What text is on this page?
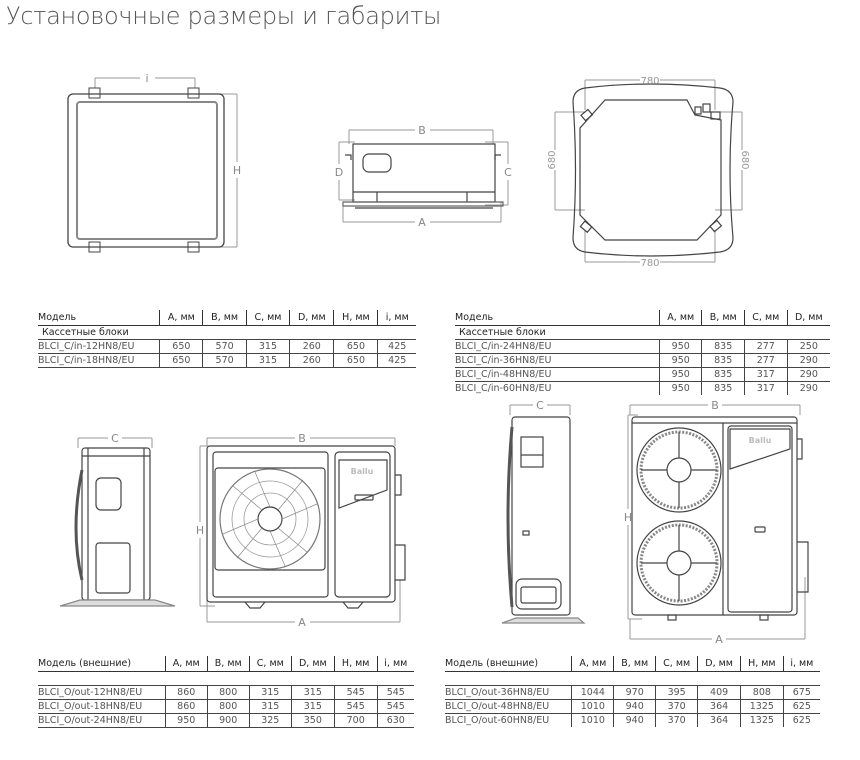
Установочные размеры и габариты
i
H
B
A
D	C
780
780
680	680
Модель	A, мм	B, мм	C, мм	D, мм	H, мм	i, мм
Кассетные блоки						
BLCI_C/in-12HN8/EU	650	570	315	260	650	425
BLCI_C/in-18HN8/EU	650	570	315	260	650	425
Модель	A, мм	B, мм	C, мм	D, мм
Кассетные блоки				
BLCI_C/in-24HN8/EU	950	835	277	250
BLCI_C/in-36HN8/EU	950	835	277	290
BLCI_C/in-48HN8/EU	950	835	317	290
BLCI_C/in-60HN8/EU	950	835	317	290
C
Ballu
B
A
H
C
Ballu
B
A
H
Модель (внешние)	A, мм	B, мм	C, мм	D, мм	H, мм	i, мм

BLCI_O/out-12HN8/EU	860	800	315	315	545	545
BLCI_O/out-18HN8/EU	860	800	315	315	545	545
BLCI_O/out-24HN8/EU	950	900	325	350	700	630
Модель (внешние)	A, мм	B, мм	C, мм	D, мм	H, мм	i, мм

BLCI_O/out-36HN8/EU	1044	970	395	409	808	675
BLCI_O/out-48HN8/EU	1010	940	370	364	1325	625
BLCI_O/out-60HN8/EU	1010	940	370	364	1325	625
